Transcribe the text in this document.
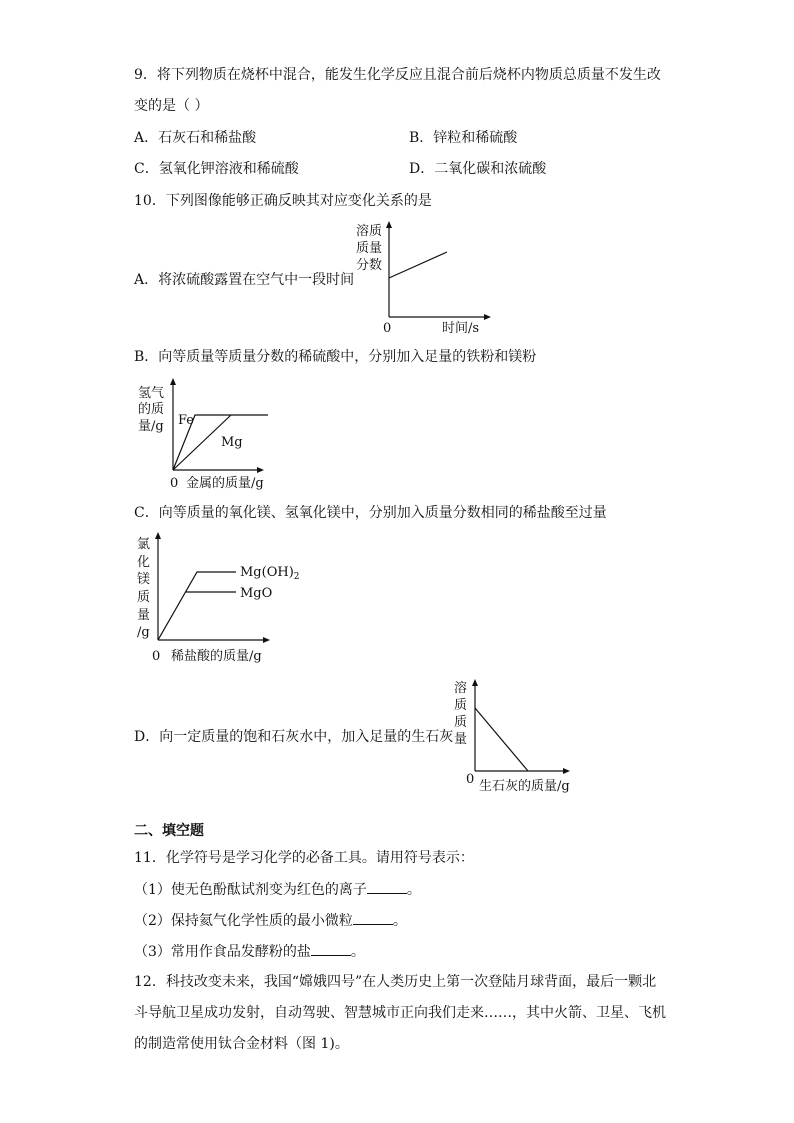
9．将下列物质在烧杯中混合，能发生化学反应且混合前后烧杯内物质总质量不发生改
变的是（ ）
A．石灰石和稀盐酸	B．锌粒和稀硫酸
C．氢氧化钾溶液和稀硫酸	D．二氧化碳和浓硫酸
10．下列图像能够正确反映其对应变化关系的是
A．将浓硫酸露置在空气中一段时间
溶质
质量
分数
0	时间/s
B．向等质量等质量分数的稀硫酸中，分别加入足量的铁粉和镁粉
氢气
的质
量/g Fe
Mg
0 金属的质量/g
C．向等质量的氧化镁、氢氧化镁中，分别加入质量分数相同的稀盐酸至过量
氯
化
镁
质
量
/g
$Mg(OH)_2$
MgO
0 稀盐酸的质量/g
D．向一定质量的饱和石灰水中，加入足量的生石灰
溶
质
质
量
0 生石灰的质量/g
二、填空题
11．化学符号是学习化学的必备工具。请用符号表示：
（1）使无色酚酞试剂变为红色的离子	。
（2）保持氦气化学性质的最小微粒	。
（3）常用作食品发酵粉的盐	。
12．科技改变未来，我国“嫦娥四号”在人类历史上第一次登陆月球背面，最后一颗北
斗导航卫星成功发射，自动驾驶、智慧城市正向我们走来……，其中火箭、卫星、飞机
的制造常使用钛合金材料（图 1)。
